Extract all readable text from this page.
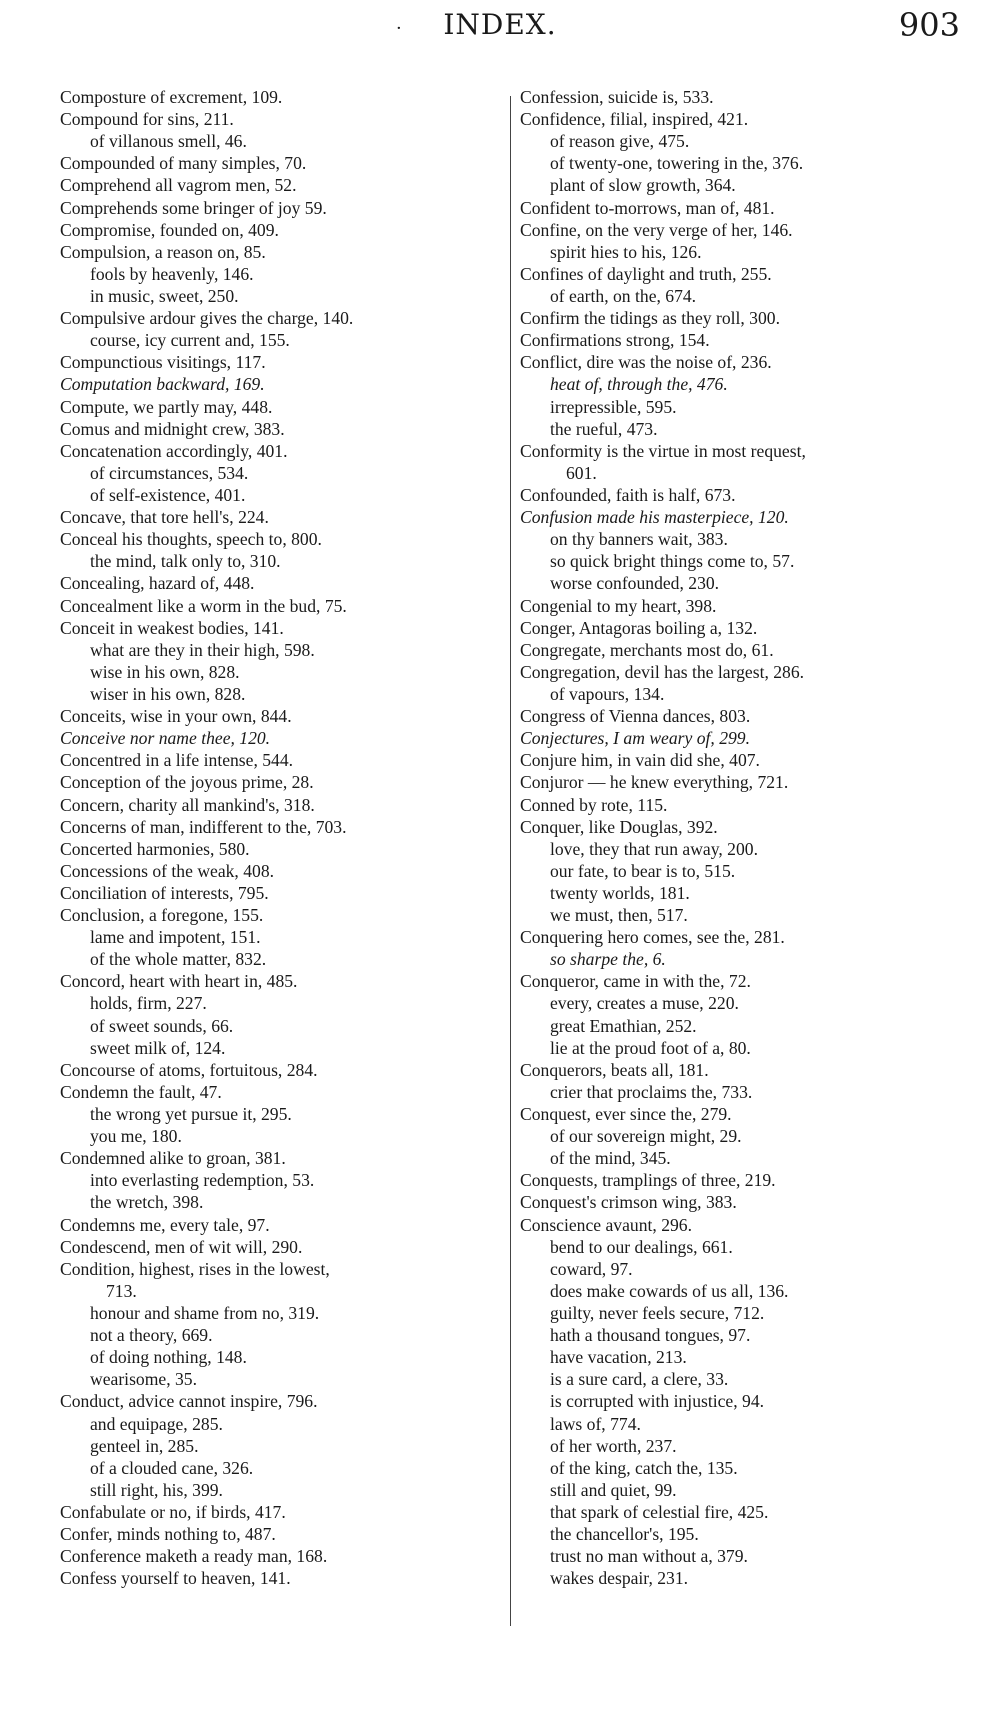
·	INDEX.	903
Composture of excrement, 109.
Compound for sins, 211.
of villanous smell, 46.
Compounded of many simples, 70.
Comprehend all vagrom men, 52.
Comprehends some bringer of joy 59.
Compromise, founded on, 409.
Compulsion, a reason on, 85.
fools by heavenly, 146.
in music, sweet, 250.
Compulsive ardour gives the charge, 140.
course, icy current and, 155.
Compunctious visitings, 117.
Computation backward, 169.
Compute, we partly may, 448.
Comus and midnight crew, 383.
Concatenation accordingly, 401.
of circumstances, 534.
of self-existence, 401.
Concave, that tore hell's, 224.
Conceal his thoughts, speech to, 800.
the mind, talk only to, 310.
Concealing, hazard of, 448.
Concealment like a worm in the bud, 75.
Conceit in weakest bodies, 141.
what are they in their high, 598.
wise in his own, 828.
wiser in his own, 828.
Conceits, wise in your own, 844.
Conceive nor name thee, 120.
Concentred in a life intense, 544.
Conception of the joyous prime, 28.
Concern, charity all mankind's, 318.
Concerns of man, indifferent to the, 703.
Concerted harmonies, 580.
Concessions of the weak, 408.
Conciliation of interests, 795.
Conclusion, a foregone, 155.
lame and impotent, 151.
of the whole matter, 832.
Concord, heart with heart in, 485.
holds, firm, 227.
of sweet sounds, 66.
sweet milk of, 124.
Concourse of atoms, fortuitous, 284.
Condemn the fault, 47.
the wrong yet pursue it, 295.
you me, 180.
Condemned alike to groan, 381.
into everlasting redemption, 53.
the wretch, 398.
Condemns me, every tale, 97.
Condescend, men of wit will, 290.
Condition, highest, rises in the lowest,
713.
honour and shame from no, 319.
not a theory, 669.
of doing nothing, 148.
wearisome, 35.
Conduct, advice cannot inspire, 796.
and equipage, 285.
genteel in, 285.
of a clouded cane, 326.
still right, his, 399.
Confabulate or no, if birds, 417.
Confer, minds nothing to, 487.
Conference maketh a ready man, 168.
Confess yourself to heaven, 141.
Confession, suicide is, 533.
Confidence, filial, inspired, 421.
of reason give, 475.
of twenty-one, towering in the, 376.
plant of slow growth, 364.
Confident to-morrows, man of, 481.
Confine, on the very verge of her, 146.
spirit hies to his, 126.
Confines of daylight and truth, 255.
of earth, on the, 674.
Confirm the tidings as they roll, 300.
Confirmations strong, 154.
Conflict, dire was the noise of, 236.
heat of, through the, 476.
irrepressible, 595.
the rueful, 473.
Conformity is the virtue in most request,
601.
Confounded, faith is half, 673.
Confusion made his masterpiece, 120.
on thy banners wait, 383.
so quick bright things come to, 57.
worse confounded, 230.
Congenial to my heart, 398.
Conger, Antagoras boiling a, 132.
Congregate, merchants most do, 61.
Congregation, devil has the largest, 286.
of vapours, 134.
Congress of Vienna dances, 803.
Conjectures, I am weary of, 299.
Conjure him, in vain did she, 407.
Conjuror — he knew everything, 721.
Conned by rote, 115.
Conquer, like Douglas, 392.
love, they that run away, 200.
our fate, to bear is to, 515.
twenty worlds, 181.
we must, then, 517.
Conquering hero comes, see the, 281.
so sharpe the, 6.
Conqueror, came in with the, 72.
every, creates a muse, 220.
great Emathian, 252.
lie at the proud foot of a, 80.
Conquerors, beats all, 181.
crier that proclaims the, 733.
Conquest, ever since the, 279.
of our sovereign might, 29.
of the mind, 345.
Conquests, tramplings of three, 219.
Conquest's crimson wing, 383.
Conscience avaunt, 296.
bend to our dealings, 661.
coward, 97.
does make cowards of us all, 136.
guilty, never feels secure, 712.
hath a thousand tongues, 97.
have vacation, 213.
is a sure card, a clere, 33.
is corrupted with injustice, 94.
laws of, 774.
of her worth, 237.
of the king, catch the, 135.
still and quiet, 99.
that spark of celestial fire, 425.
the chancellor's, 195.
trust no man without a, 379.
wakes despair, 231.
